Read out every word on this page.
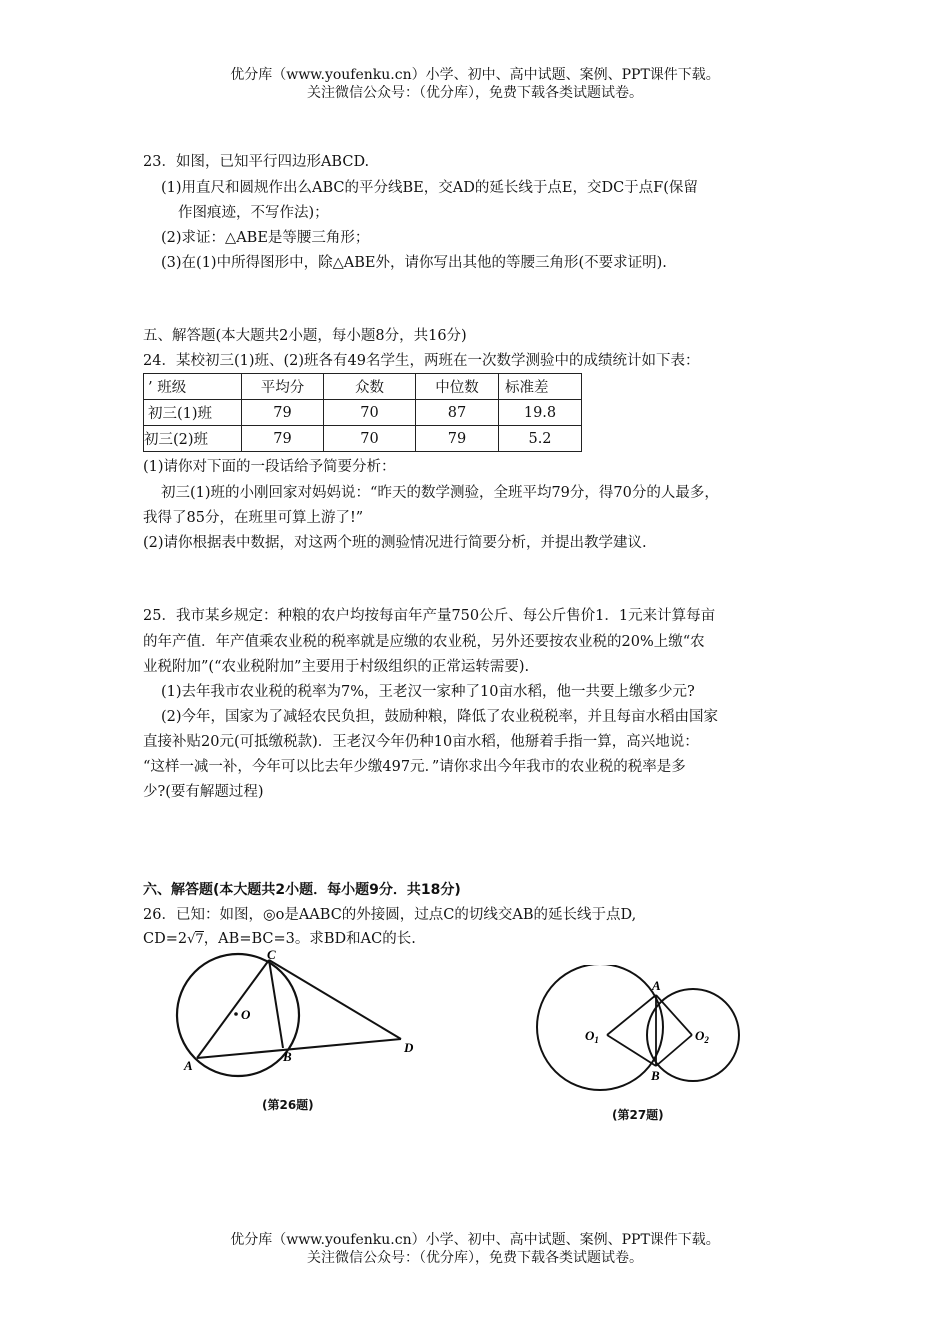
优分库（www.youfenku.cn）小学、初中、高中试题、案例、PPT课件下载。
关注微信公众号：（优分库），免费下载各类试题试卷。
23．如图，已知平行四边形ABCD.
(1)用直尺和圆规作出么ABC的平分线BE，交AD的延长线于点E，交DC于点F(保留
作图痕迹，不写作法)；
(2)求证：△ABE是等腰三角形；
(3)在(1)中所得图形中，除△ABE外，请你写出其他的等腰三角形(不要求证明).
五、解答题(本大题共2小题，每小题8分，共16分)
24．某校初三(1)班、(2)班各有49名学生，两班在一次数学测验中的成绩统计如下表：
’ 班级	平均分	众数	中位数	标准差
初三(1)班	79	70	87	19.8
初三(2)班	79	70	79	5.2
(1)请你对下面的一段话给予简要分析：
初三(1)班的小刚回家对妈妈说：“昨天的数学测验，全班平均79分，得70分的人最多，
我得了85分，在班里可算上游了!”
(2)请你根据表中数据，对这两个班的测验情况进行简要分析，并提出教学建议.
25．我市某乡规定：种粮的农户均按每亩年产量750公斤、每公斤售价1．1元来计算每亩
的年产值．年产值乘农业税的税率就是应缴的农业税，另外还要按农业税的20%上缴“农
业税附加”(“农业税附加”主要用于村级组织的正常运转需要).
(1)去年我市农业税的税率为7%，王老汉一家种了10亩水稻，他一共要上缴多少元?
(2)今年，国家为了减轻农民负担，鼓励种粮，降低了农业税税率，并且每亩水稻由国家
直接补贴20元(可抵缴税款)．王老汉今年仍种10亩水稻，他掰着手指一算，高兴地说：
“这样一减一补，今年可以比去年少缴497元．”请你求出今年我市的农业税的税率是多
少?(要有解题过程)
六、解答题(本大题共2小题．每小题9分．共18分)
26．已知：如图，◎o是AABC的外接圆，过点C的切线交AB的延长线于点D,
CD=2√7，AB=BC=3。求BD和AC的长.
C
O
A
B
D
(第26题)
A
B
$O_1$	$O_2$
(第27题)
优分库（www.youfenku.cn）小学、初中、高中试题、案例、PPT课件下载。
关注微信公众号：（优分库），免费下载各类试题试卷。
